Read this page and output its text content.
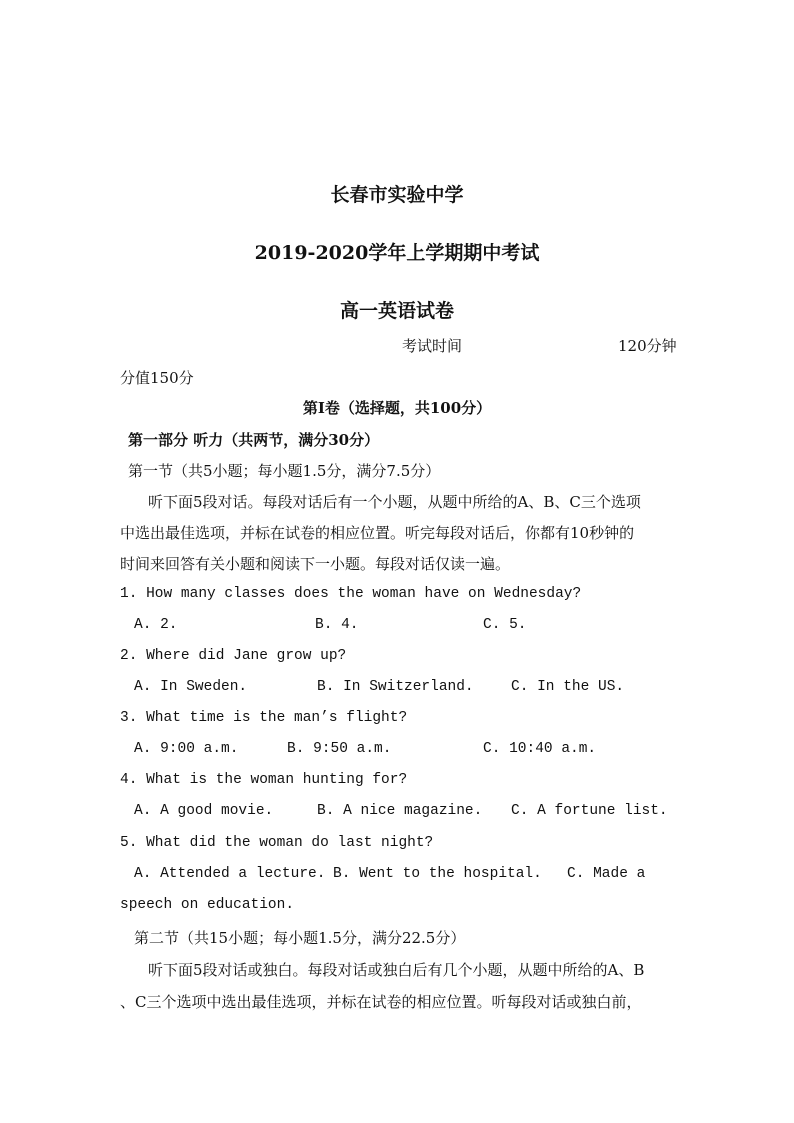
长春市实验中学
2019-2020学年上学期期中考试
高一英语试卷
考试时间	120分钟
分值150分
第Ⅰ卷（选择题，共100分）
第一部分 听力（共两节，满分30分）
第一节（共5小题；每小题1.5分，满分7.5分）
听下面5段对话。每段对话后有一个小题，从题中所给的A、B、C三个选项
中选出最佳选项，并标在试卷的相应位置。听完每段对话后，你都有10秒钟的
时间来回答有关小题和阅读下一小题。每段对话仅读一遍。
1. How many classes does the woman have on Wednesday?
A. 2.	B. 4.	C. 5.
2. Where did Jane grow up?
A. In Sweden.	B. In Switzerland.	C. In the US.
3. What time is the man’s flight?
A. 9:00 a.m.	B. 9:50 a.m.	C. 10:40 a.m.
4. What is the woman hunting for?
A. A good movie.	B. A nice magazine. C. A fortune list.
5. What did the woman do last night?
A. Attended a lecture. B. Went to the hospital. C. Made a
speech on education.
第二节（共15小题；每小题1.5分，满分22.5分）
听下面5段对话或独白。每段对话或独白后有几个小题，从题中所给的A、B
、C三个选项中选出最佳选项，并标在试卷的相应位置。听每段对话或独白前，
